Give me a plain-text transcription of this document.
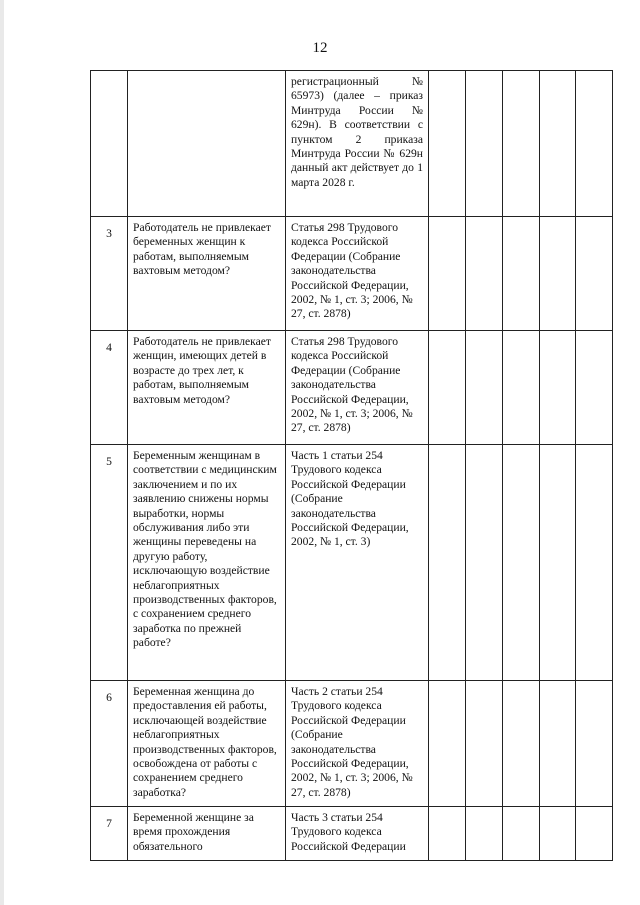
12
		регистрационный № 65973) (далее – приказ Минтруда России № 629н). В соответствии с пунктом 2 приказа Минтруда России № 629н данный акт действует до 1 марта 2028 г.					
3	Работодатель не привлекает беременных женщин к работам, выполняемым вахтовым методом?	Статья 298 Трудового кодекса Российской Федерации (Собрание законодательства Российской Федерации, 2002, № 1, ст. 3; 2006, № 27, ст. 2878)					
4	Работодатель не привлекает женщин, имеющих детей в возрасте до трех лет, к работам, выполняемым вахтовым методом?	Статья 298 Трудового кодекса Российской Федерации (Собрание законодательства Российской Федерации, 2002, № 1, ст. 3; 2006, № 27, ст. 2878)					
5	Беременным женщинам в соответствии с медицинским заключением и по их заявлению снижены нормы выработки, нормы обслуживания либо эти женщины переведены на другую работу, исключающую воздействие неблагоприятных производственных факторов, с сохранением среднего заработка по прежней работе?	Часть 1 статьи 254 Трудового кодекса Российской Федерации (Собрание законодательства Российской Федерации, 2002, № 1, ст. 3)					
6	Беременная женщина до предоставления ей работы, исключающей воздействие неблагоприятных производственных факторов, освобождена от работы с сохранением среднего заработка?	Часть 2 статьи 254 Трудового кодекса Российской Федерации (Собрание законодательства Российской Федерации, 2002, № 1, ст. 3; 2006, № 27, ст. 2878)					
7	Беременной женщине за время прохождения обязательного	Часть 3 статьи 254 Трудового кодекса Российской Федерации					
